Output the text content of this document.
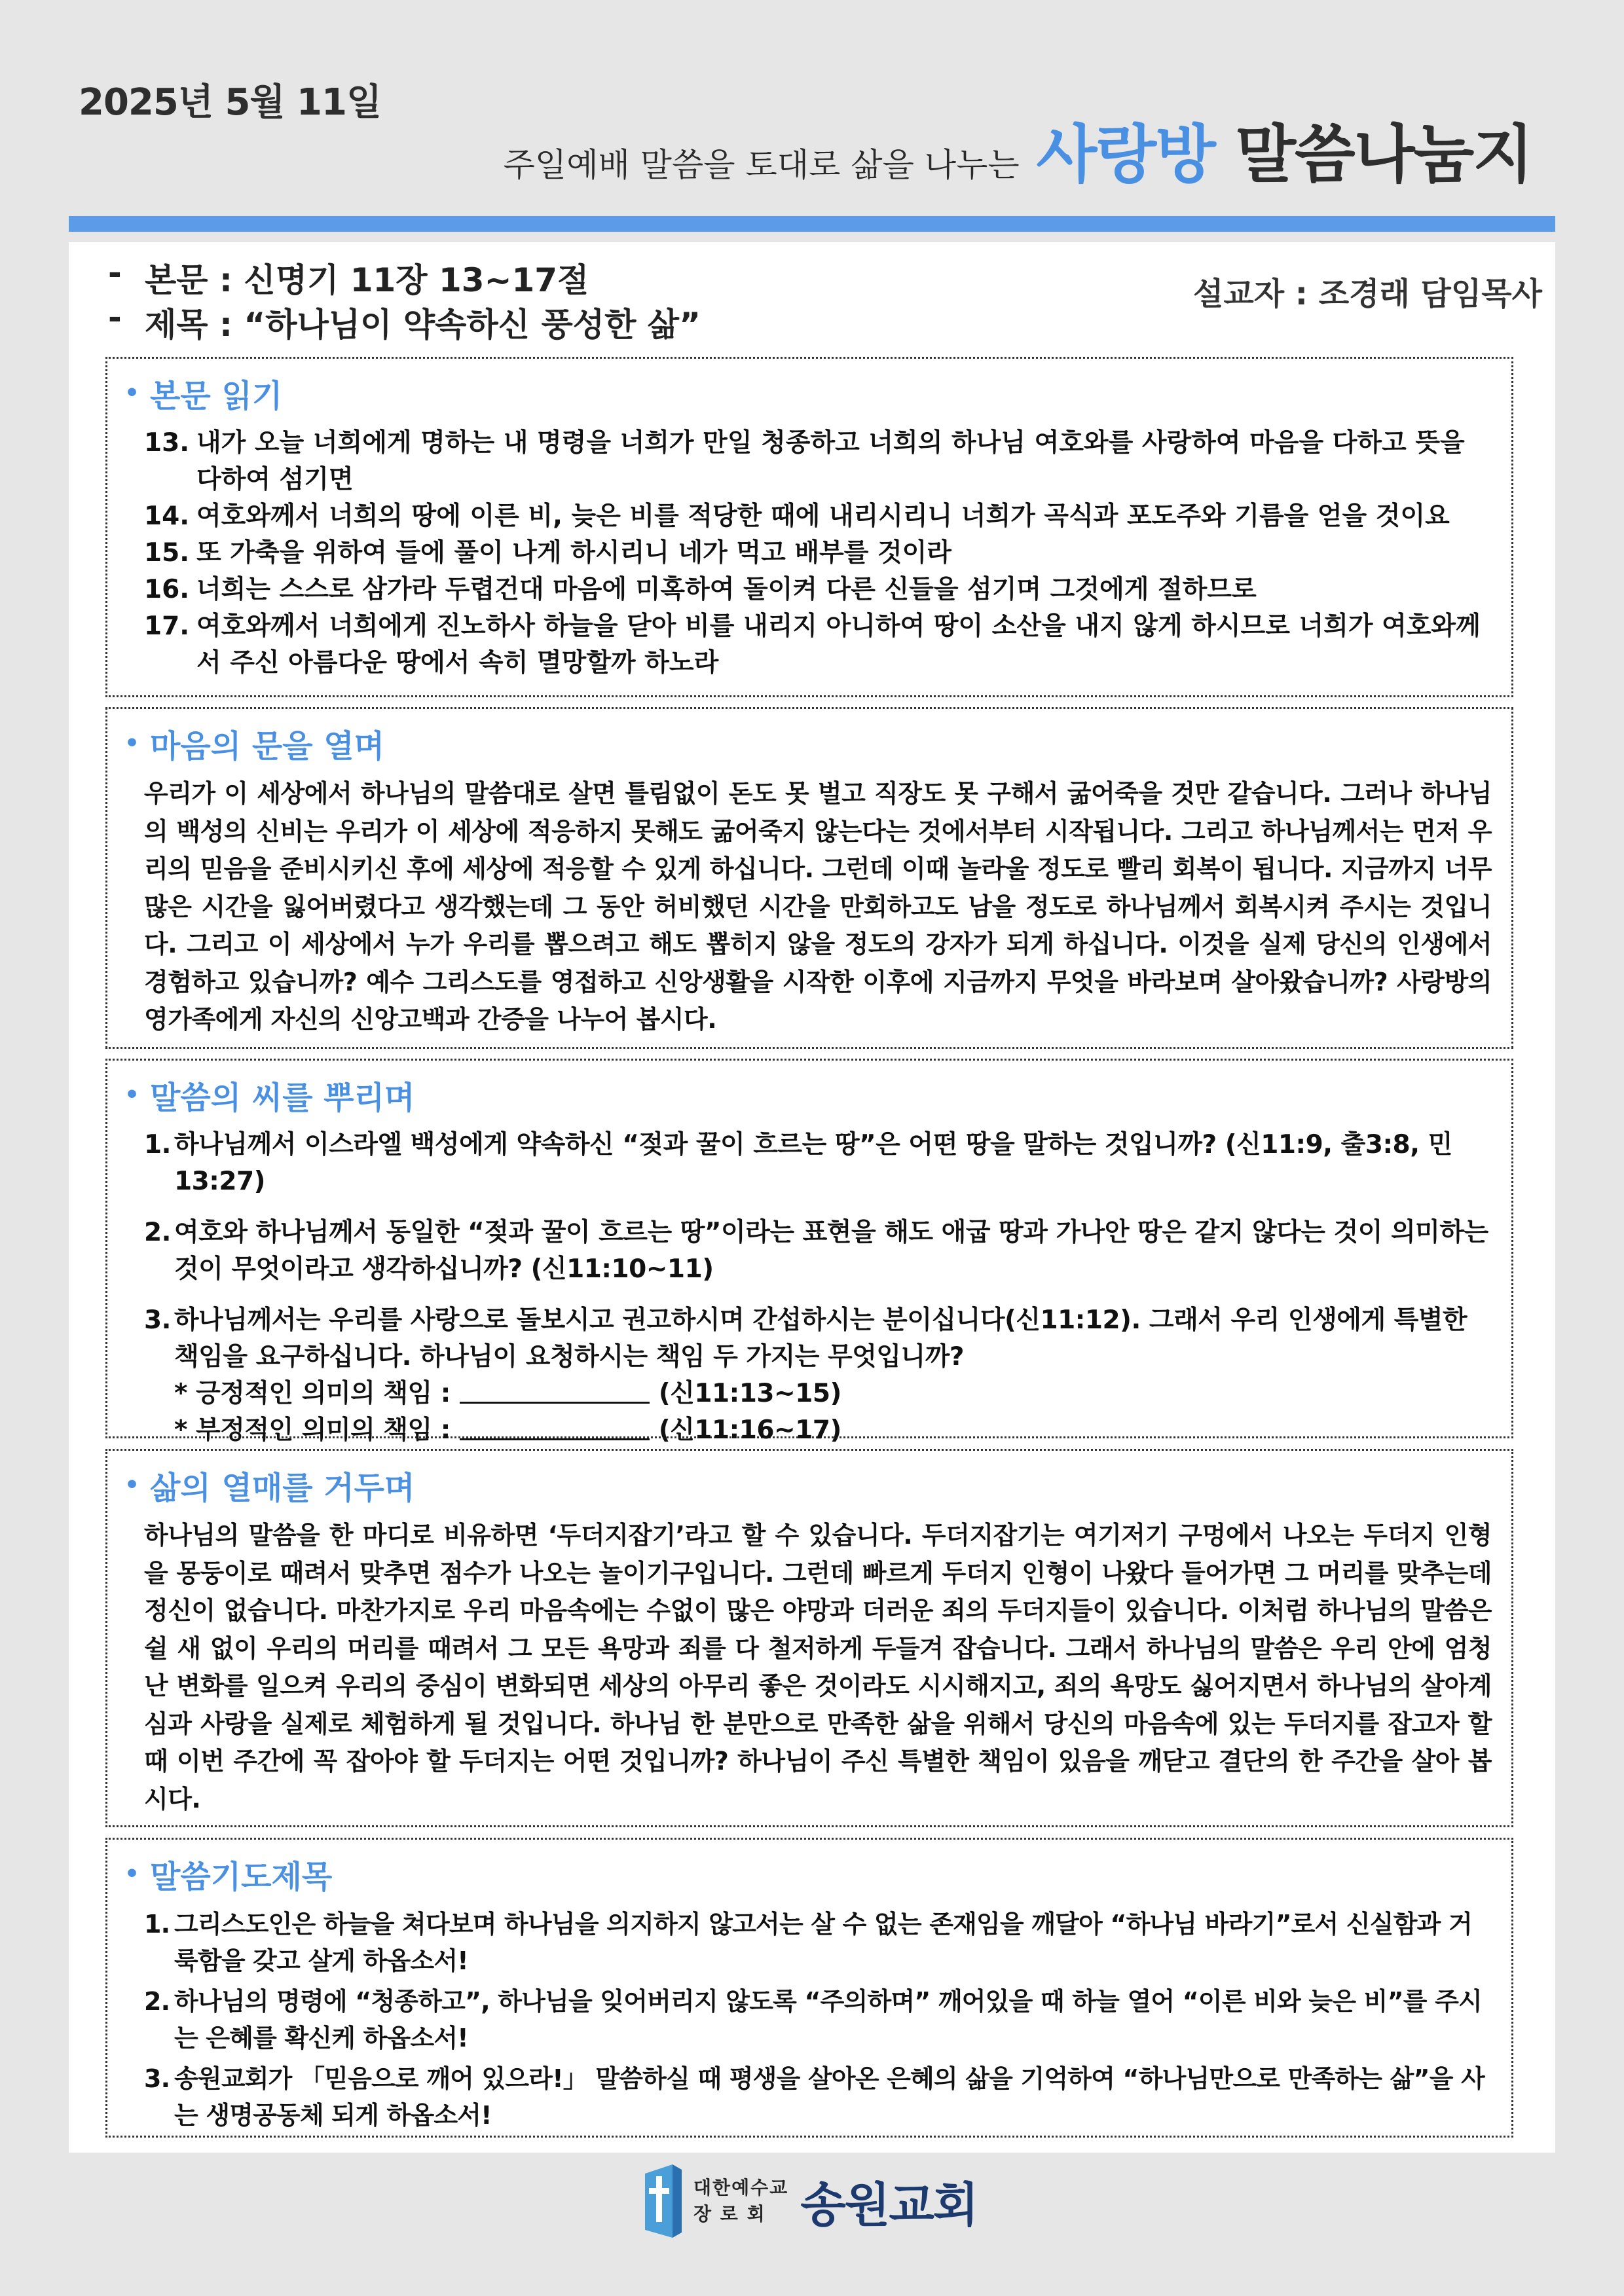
2025년 5월 11일
주일예배 말씀을 토대로 삶을 나누는 사랑방 말씀나눔지
- 본문 : 신명기 11장 13~17절
- 제목 : “하나님이 약속하신 풍성한 삶”
설교자 : 조경래 담임목사
• 본문 읽기
13. 내가 오늘 너희에게 명하는 내 명령을 너희가 만일 청종하고 너희의 하나님 여호와를 사랑하여 마음을 다하고 뜻을 다하여 섬기면
14. 여호와께서 너희의 땅에 이른 비, 늦은 비를 적당한 때에 내리시리니 너희가 곡식과 포도주와 기름을 얻을 것이요
15. 또 가축을 위하여 들에 풀이 나게 하시리니 네가 먹고 배부를 것이라
16. 너희는 스스로 삼가라 두렵건대 마음에 미혹하여 돌이켜 다른 신들을 섬기며 그것에게 절하므로
17. 여호와께서 너희에게 진노하사 하늘을 닫아 비를 내리지 아니하여 땅이 소산을 내지 않게 하시므로 너희가 여호와께서 주신 아름다운 땅에서 속히 멸망할까 하노라
• 마음의 문을 열며
우리가 이 세상에서 하나님의 말씀대로 살면 틀림없이 돈도 못 벌고 직장도 못 구해서 굶어죽을 것만 같습니다. 그러나 하나님의 백성의 신비는 우리가 이 세상에 적응하지 못해도 굶어죽지 않는다는 것에서부터 시작됩니다. 그리고 하나님께서는 먼저 우리의 믿음을 준비시키신 후에 세상에 적응할 수 있게 하십니다. 그런데 이때 놀라울 정도로 빨리 회복이 됩니다. 지금까지 너무 많은 시간을 잃어버렸다고 생각했는데 그 동안 허비했던 시간을 만회하고도 남을 정도로 하나님께서 회복시켜 주시는 것입니다. 그리고 이 세상에서 누가 우리를 뽑으려고 해도 뽑히지 않을 정도의 강자가 되게 하십니다. 이것을 실제 당신의 인생에서 경험하고 있습니까? 예수 그리스도를 영접하고 신앙생활을 시작한 이후에 지금까지 무엇을 바라보며 살아왔습니까? 사랑방의 영가족에게 자신의 신앙고백과 간증을 나누어 봅시다.
• 말씀의 씨를 뿌리며
1. 하나님께서 이스라엘 백성에게 약속하신 “젖과 꿀이 흐르는 땅”은 어떤 땅을 말하는 것입니까? (신11:9, 출3:8, 민13:27)
2. 여호와 하나님께서 동일한 “젖과 꿀이 흐르는 땅”이라는 표현을 해도 애굽 땅과 가나안 땅은 같지 않다는 것이 의미하는 것이 무엇이라고 생각하십니까? (신11:10~11)
3. 하나님께서는 우리를 사랑으로 돌보시고 권고하시며 간섭하시는 분이십니다(신11:12). 그래서 우리 인생에게 특별한 책임을 요구하십니다. 하나님이 요청하시는 책임 두 가지는 무엇입니까?
* 긍정적인 의미의 책임 :	(신11:13~15)
* 부정적인 의미의 책임 :	(신11:16~17)
• 삶의 열매를 거두며
하나님의 말씀을 한 마디로 비유하면 ‘두더지잡기’라고 할 수 있습니다. 두더지잡기는 여기저기 구멍에서 나오는 두더지 인형을 몽둥이로 때려서 맞추면 점수가 나오는 놀이기구입니다. 그런데 빠르게 두더지 인형이 나왔다 들어가면 그 머리를 맞추는데 정신이 없습니다. 마찬가지로 우리 마음속에는 수없이 많은 야망과 더러운 죄의 두더지들이 있습니다. 이처럼 하나님의 말씀은 쉴 새 없이 우리의 머리를 때려서 그 모든 욕망과 죄를 다 철저하게 두들겨 잡습니다. 그래서 하나님의 말씀은 우리 안에 엄청난 변화를 일으켜 우리의 중심이 변화되면 세상의 아무리 좋은 것이라도 시시해지고, 죄의 욕망도 싫어지면서 하나님의 살아계심과 사랑을 실제로 체험하게 될 것입니다. 하나님 한 분만으로 만족한 삶을 위해서 당신의 마음속에 있는 두더지를 잡고자 할 때 이번 주간에 꼭 잡아야 할 두더지는 어떤 것입니까? 하나님이 주신 특별한 책임이 있음을 깨닫고 결단의 한 주간을 살아 봅시다.
• 말씀기도제목
1. 그리스도인은 하늘을 쳐다보며 하나님을 의지하지 않고서는 살 수 없는 존재임을 깨달아 “하나님 바라기”로서 신실함과 거룩함을 갖고 살게 하옵소서!
2. 하나님의 명령에 “청종하고”, 하나님을 잊어버리지 않도록 “주의하며” 깨어있을 때 하늘 열어 “이른 비와 늦은 비”를 주시는 은혜를 확신케 하옵소서!
3. 송원교회가 「믿음으로 깨어 있으라!」 말씀하실 때 평생을 살아온 은혜의 삶을 기억하여 “하나님만으로 만족하는 삶”을 사는 생명공동체 되게 하옵소서!
대한예수교
장 로 회 송원교회
